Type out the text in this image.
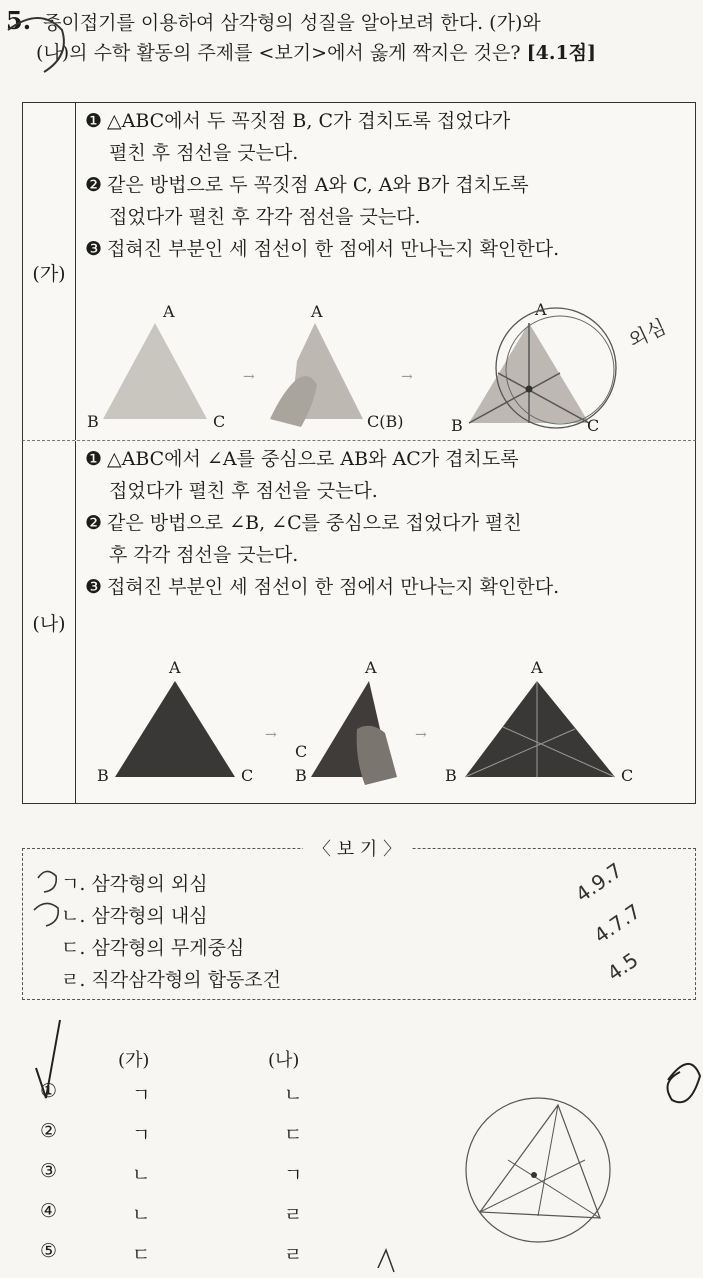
5. 종이접기를 이용하여 삼각형의 성질을 알아보려 한다. (가)와
(나)의 수학 활동의 주제를 <보기>에서 옳게 짝지은 것은? [4.1점]
(가)
❶ △ABC에서 두 꼭짓점 B, C가 겹치도록 접었다가
펼친 후 점선을 긋는다.
❷ 같은 방법으로 두 꼭짓점 A와 C, A와 B가 겹치도록
접었다가 펼친 후 각각 점선을 긋는다.
❸ 접혀진 부분인 세 점선이 한 점에서 만나는지 확인한다.
A
B	C
→
A
C(B)
→
A
B	C
(나)
❶ △ABC에서 ∠A를 중심으로 AB와 AC가 겹치도록
접었다가 펼친 후 점선을 긋는다.
❷ 같은 방법으로 ∠B, ∠C를 중심으로 접었다가 펼친
후 각각 점선을 긋는다.
❸ 접혀진 부분인 세 점선이 한 점에서 만나는지 확인한다.
A
B	C
→
A
C
B
→
A
B	C
〈 보 기 〉
ㄱ. 삼각형의 외심
ㄴ. 삼각형의 내심
ㄷ. 삼각형의 무게중심
ㄹ. 직각삼각형의 합동조건
(가)	(나)
①	ㄱ	ㄴ
②	ㄱ	ㄷ
③	ㄴ	ㄱ
④	ㄴ	ㄹ
⑤	ㄷ	ㄹ
외심
4.9.7
4.7.7
4.5
